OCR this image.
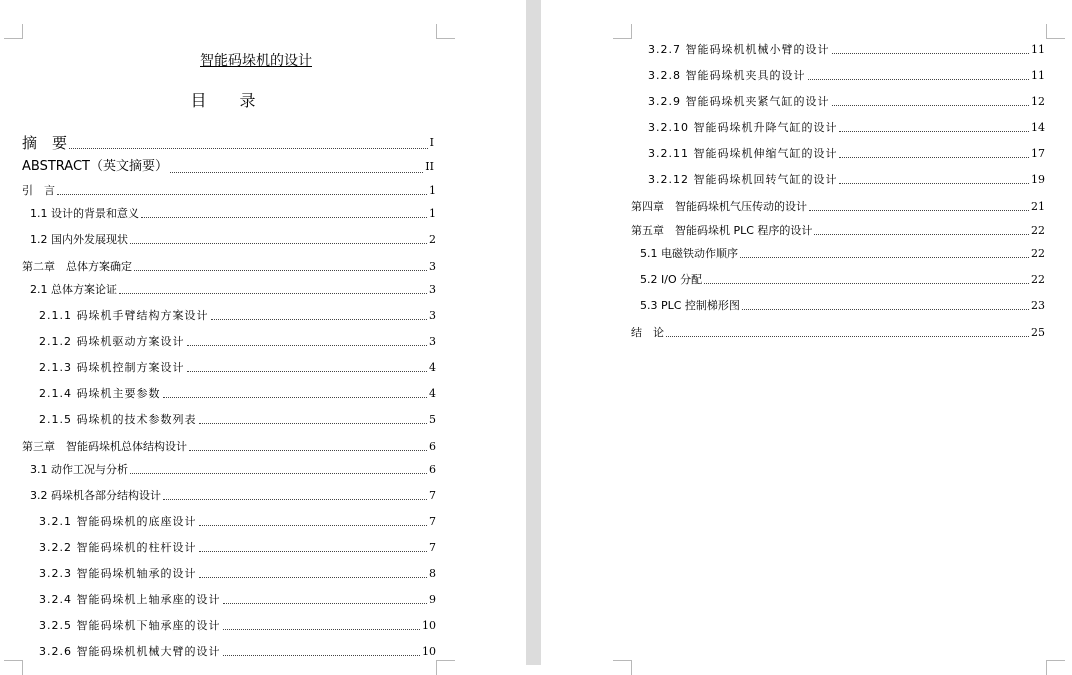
智能码垛机的设计
目 录
摘　要	I
ABSTRACT（英文摘要）	II
引　言	1
1.1 设计的背景和意义	1
1.2 国内外发展现状	2
第二章　总体方案确定	3
2.1 总体方案论证	3
2.1.1 码垛机手臂结构方案设计	3
2.1.2 码垛机驱动方案设计	3
2.1.3 码垛机控制方案设计	4
2.1.4 码垛机主要参数	4
2.1.5 码垛机的技术参数列表	5
第三章　智能码垛机总体结构设计	6
3.1 动作工况与分析	6
3.2 码垛机各部分结构设计	7
3.2.1 智能码垛机的底座设计	7
3.2.2 智能码垛机的柱杆设计	7
3.2.3 智能码垛机轴承的设计	8
3.2.4 智能码垛机上轴承座的设计	9
3.2.5 智能码垛机下轴承座的设计	10
3.2.6 智能码垛机机械大臂的设计	10
3.2.7 智能码垛机机械小臂的设计	11
3.2.8 智能码垛机夹具的设计	11
3.2.9 智能码垛机夹紧气缸的设计	12
3.2.10 智能码垛机升降气缸的设计	14
3.2.11 智能码垛机伸缩气缸的设计	17
3.2.12 智能码垛机回转气缸的设计	19
第四章　智能码垛机气压传动的设计	21
第五章　智能码垛机 PLC 程序的设计	22
5.1 电磁铁动作顺序	22
5.2 I/O 分配	22
5.3 PLC 控制梯形图	23
结　论	25
